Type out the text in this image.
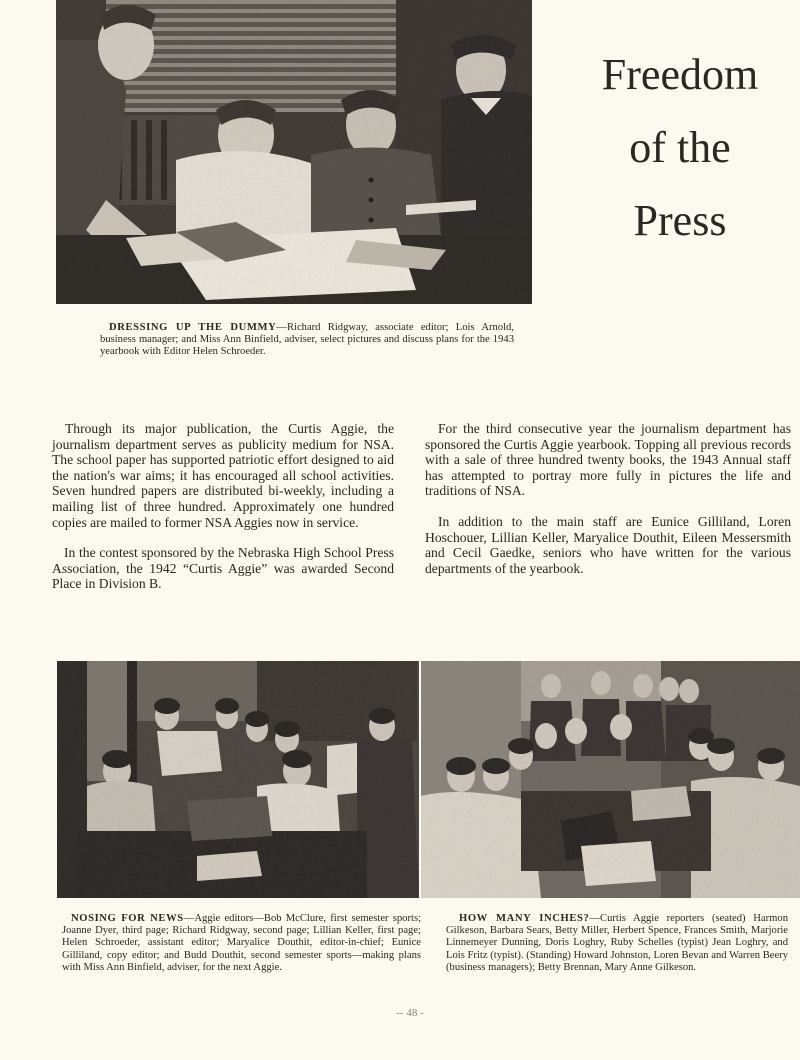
Freedom
of the
Press
DRESSING UP THE DUMMY—Richard Ridgway, associate editor; Lois Arnold, business manager; and Miss Ann Binfield, adviser, select pictures and discuss plans for the 1943 yearbook with Editor Helen Schroeder.

Through its major publication, the Curtis Aggie, the journalism department serves as publicity medium for NSA. The school paper has supported patriotic effort designed to aid the nation's war aims; it has encouraged all school activities. Seven hundred papers are distributed bi-weekly, including a mailing list of three hundred. Approximately one hundred copies are mailed to former NSA Aggies now in service.

In the contest sponsored by the Nebraska High School Press Association, the 1942 “Curtis Aggie” was awarded Second Place in Division B.

For the third consecutive year the journalism department has sponsored the Curtis Aggie yearbook. Topping all previous records with a sale of three hundred twenty books, the 1943 Annual staff has attempted to portray more fully in pictures the life and traditions of NSA.

In addition to the main staff are Eunice Gilliland, Loren Hoschouer, Lillian Keller, Maryalice Douthit, Eileen Messersmith and Cecil Gaedke, seniors who have written for the various departments of the yearbook.

NOSING FOR NEWS—Aggie editors—Bob McClure, first semester sports; Joanne Dyer, third page; Richard Ridgway, second page; Lillian Keller, first page; Helen Schroeder, assistant editor; Maryalice Douthit, editor-in-chief; Eunice Gilliland, copy editor; and Budd Douthit, second semester sports—making plans with Miss Ann Binfield, adviser, for the next Aggie.
HOW MANY INCHES?—Curtis Aggie reporters (seated) Harmon Gilkeson, Barbara Sears, Betty Miller, Herbert Spence, Frances Smith, Marjorie Linnemeyer Dunning, Doris Loghry, Ruby Schelles (typist) Jean Loghry, and Lois Fritz (typist). (Standing) Howard Johnston, Loren Bevan and Warren Beery (business managers); Betty Brennan, Mary Anne Gilkeson.
-- 48 -
